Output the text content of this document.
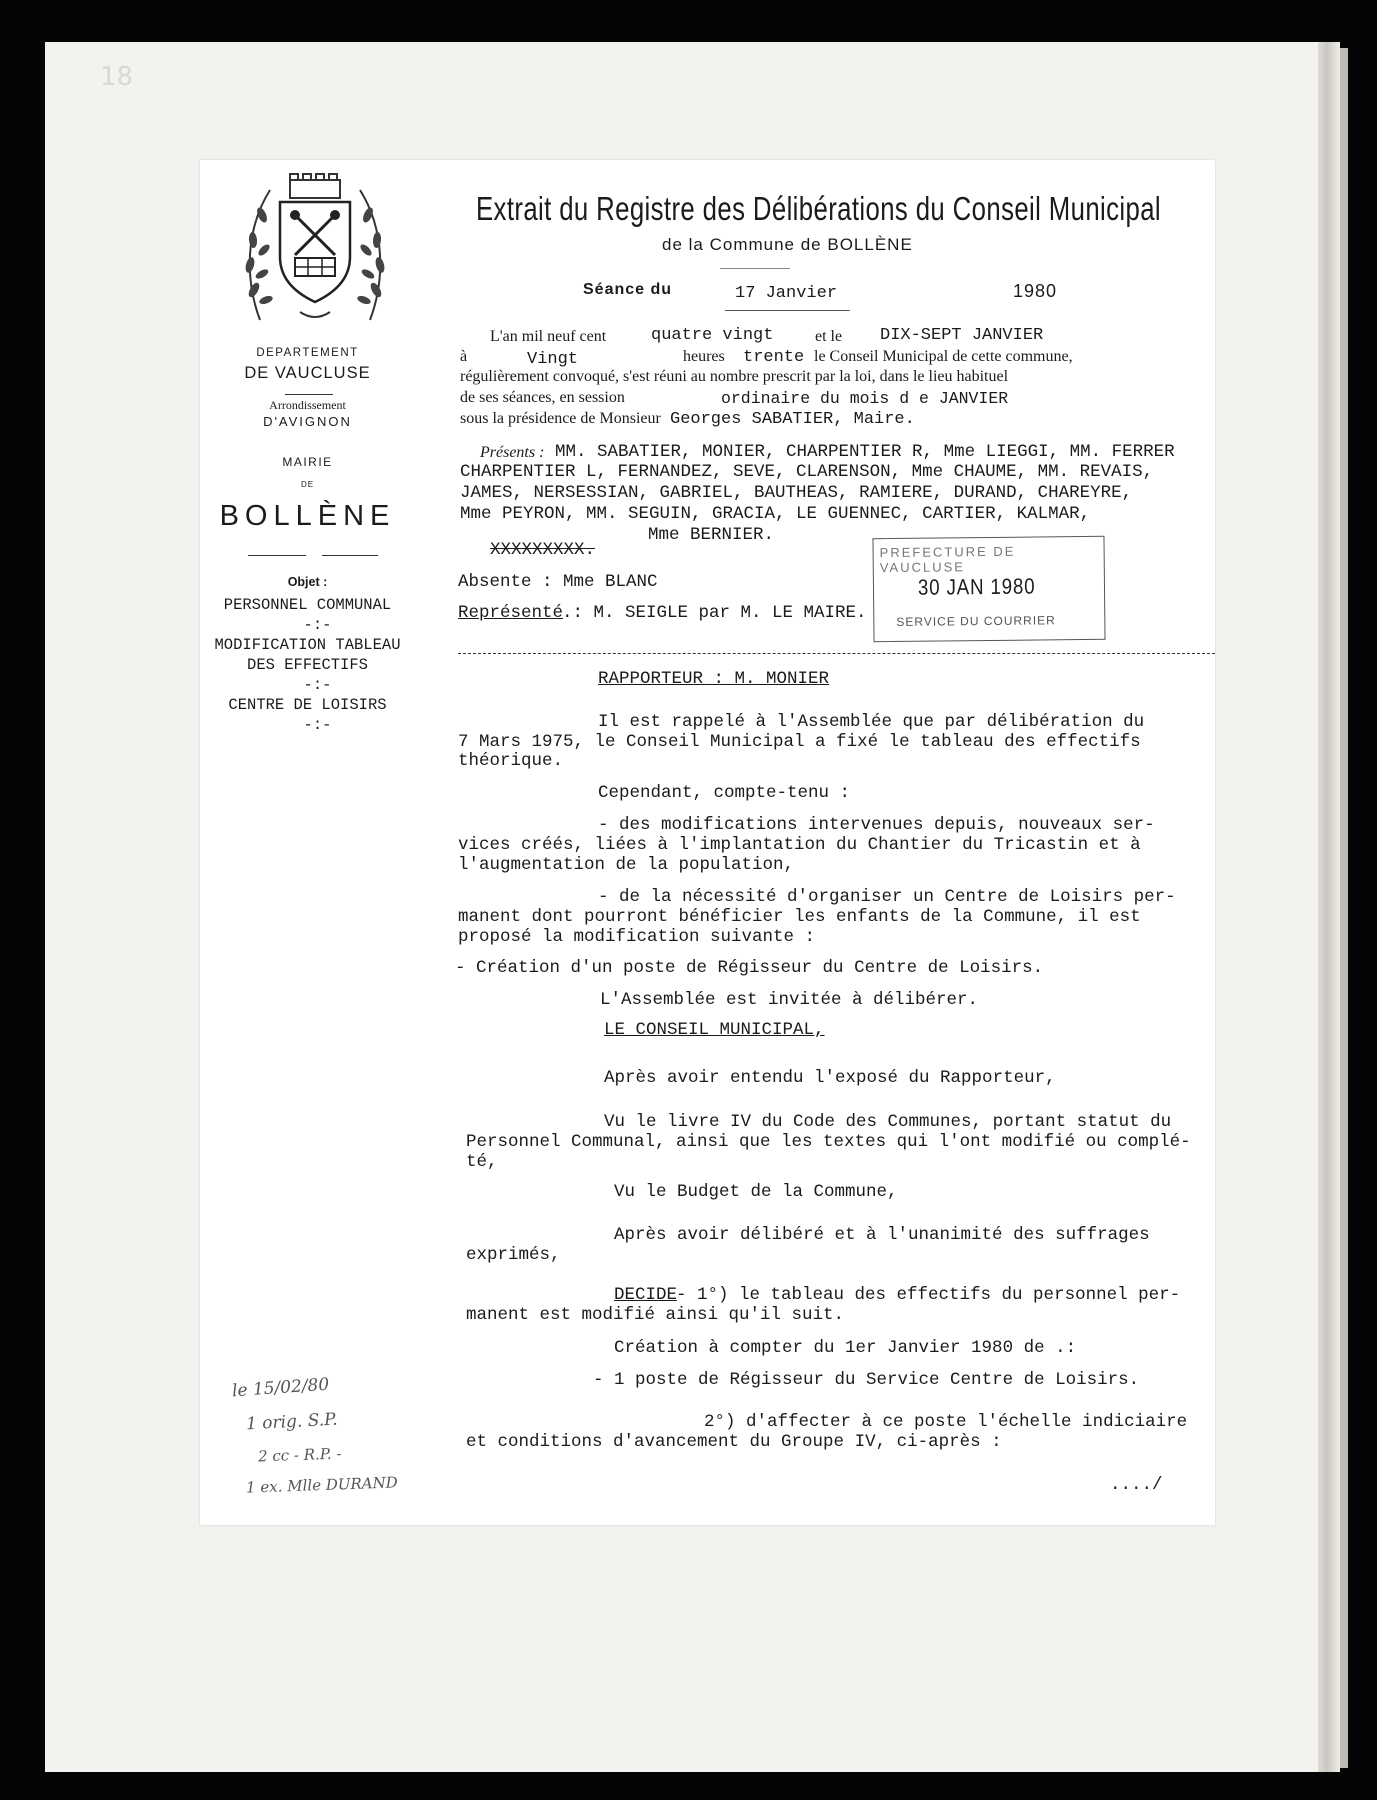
18
DEPARTEMENT
DE VAUCLUSE
Arrondissement
D'AVIGNON
MAIRIE
DE
BOLLÈNE
Objet :
PERSONNEL COMMUNAL
-:-
MODIFICATION TABLEAU
DES EFFECTIFS
-:-
CENTRE DE LOISIRS
-:-
Extrait du Registre des Délibérations du Conseil Municipal
de la Commune de BOLLÈNE
Séance du	17 Janvier	1980
L'an mil neuf cent	quatre vingt	et le DIX-SEPT JANVIER
à	Vingt	heures trente le Conseil Municipal de cette commune,
régulièrement convoqué, s'est réuni au nombre prescrit par la loi, dans le lieu habituel
de ses séances, en session	ordinaire du mois d e JANVIER
sous la présidence de Monsieur Georges SABATIER, Maire.
Présents : MM. SABATIER, MONIER, CHARPENTIER R, Mme LIEGGI, MM. FERRER
CHARPENTIER L, FERNANDEZ, SEVE, CLARENSON, Mme CHAUME, MM. REVAIS,
JAMES, NERSESSIAN, GABRIEL, BAUTHEAS, RAMIERE, DURAND, CHAREYRE,
Mme PEYRON, MM. SEGUIN, GRACIA, LE GUENNEC, CARTIER, KALMAR,
Mme BERNIER.
XXXXXXXXX.
Absente : Mme BLANC
Représenté
.: M. SEIGLE par M. LE MAIRE.
PREFECTURE DE VAUCLUSE
30 JAN 1980
SERVICE DU COURRIER
RAPPORTEUR : M. MONIER
Il est rappelé à l'Assemblée que par délibération du
7 Mars 1975, le Conseil Municipal a fixé le tableau des effectifs
théorique.
Cependant, compte-tenu :
- des modifications intervenues depuis, nouveaux ser-
vices créés, liées à l'implantation du Chantier du Tricastin et à
l'augmentation de la population,
- de la nécessité d'organiser un Centre de Loisirs per-
manent dont pourront bénéficier les enfants de la Commune, il est
proposé la modification suivante :
- Création d'un poste de Régisseur du Centre de Loisirs.
L'Assemblée est invitée à délibérer.
LE CONSEIL MUNICIPAL,
Après avoir entendu l'exposé du Rapporteur,
Vu le livre IV du Code des Communes, portant statut du
Personnel Communal, ainsi que les textes qui l'ont modifié ou complé-
té,
Vu le Budget de la Commune,
Après avoir délibéré et à l'unanimité des suffrages
exprimés,
DECIDE
- 1°) le tableau des effectifs du personnel per-
manent est modifié ainsi qu'il suit.
Création à compter du 1er Janvier 1980 de .:
- 1 poste de Régisseur du Service Centre de Loisirs.
2°) d'affecter à ce poste l'échelle indiciaire
et conditions d'avancement du Groupe IV, ci-après :
..../
le 15/02/80
1 orig. S.P.
2 cc - R.P. -
1 ex. Mlle DURAND
